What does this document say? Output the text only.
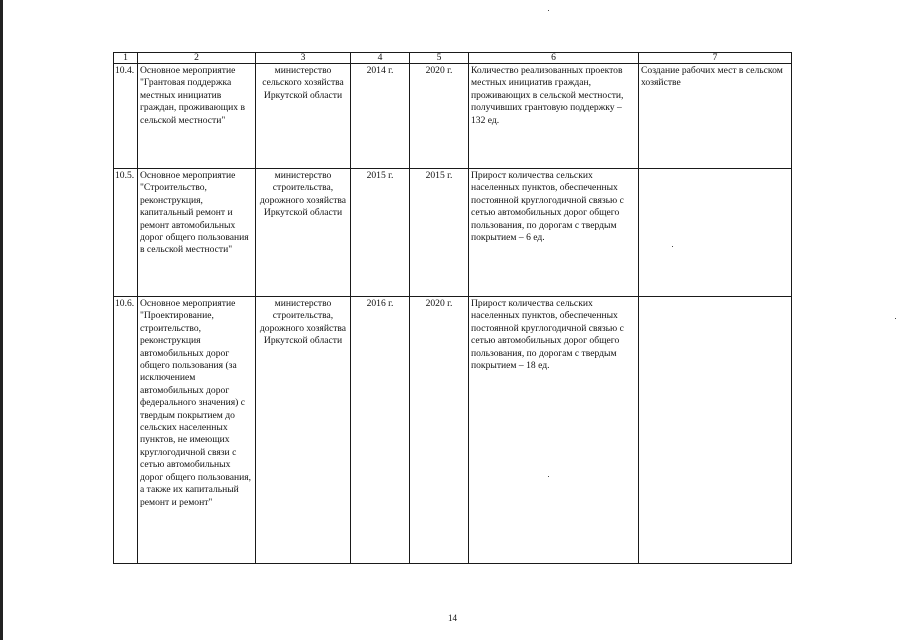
1	2	3	4	5	6	7
10.4.	Основное мероприятие "Грантовая поддержка местных инициатив граждан, проживающих в сельской местности"	министерство сельского хозяйства Иркутской области	2014 г.	2020 г.	Количество реализованных проектов местных инициатив граждан, проживающих в сельской местности, получивших грантовую поддержку – 132 ед.	Создание рабочих мест в сельском хозяйстве
10.5.	Основное мероприятие "Строительство, реконструкция, капитальный ремонт и ремонт автомобильных дорог общего пользования в сельской местности"	министерство строительства, дорожного хозяйства Иркутской области	2015 г.	2015 г.	Прирост количества сельских населенных пунктов, обеспеченных постоянной круглогодичной связью с сетью автомобильных дорог общего пользования, по дорогам с твердым покрытием – 6 ед.	
10.6.	Основное мероприятие "Проектирование, строительство, реконструкция автомобильных дорог общего пользования (за исключением автомобильных дорог федерального значения) с твердым покрытием до сельских населенных пунктов, не имеющих круглогодичной связи с сетью автомобильных дорог общего пользования, а также их капитальный ремонт и ремонт"	министерство строительства, дорожного хозяйства Иркутской области	2016 г.	2020 г.	Прирост количества сельских населенных пунктов, обеспеченных постоянной круглогодичной связью с сетью автомобильных дорог общего пользования, по дорогам с твердым покрытием – 18 ед.	
14
